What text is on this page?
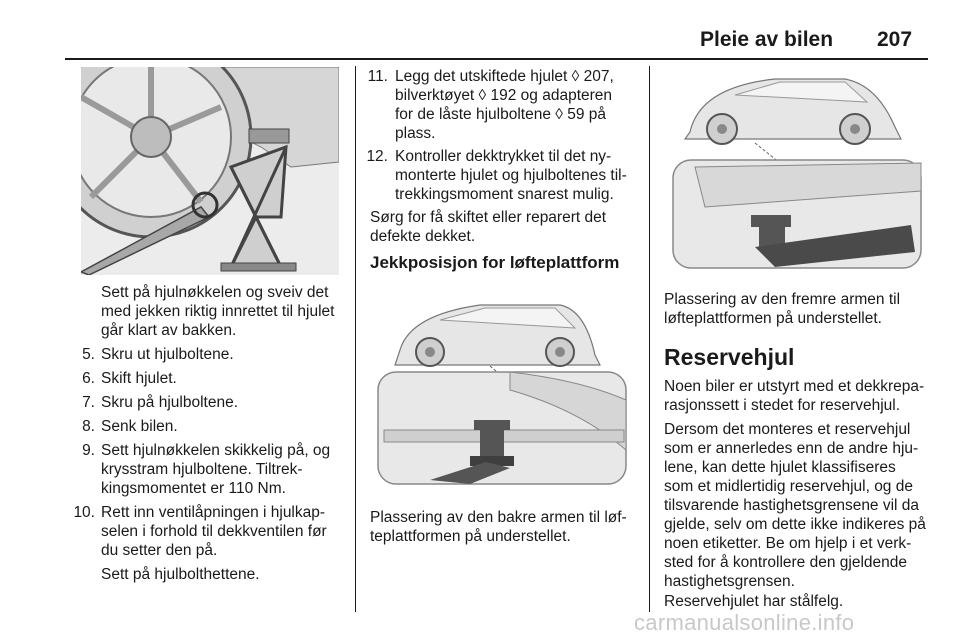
Pleie av bilen 207
Sett på hjulnøkkelen og sveiv det
med jekken riktig innrettet til hjulet
går klart av bakken.
5. Skru ut hjulboltene.
6. Skift hjulet.
7. Skru på hjulboltene.
8. Senk bilen.
9. Sett hjulnøkkelen skikkelig på, og
krysstram hjulboltene. Tiltrek-
kingsmomentet er 110 Nm.
10. Rett inn ventilåpningen i hjulkap-
selen i forhold til dekkventilen før
du setter den på.
Sett på hjulbolthettene.
11. Legg det utskiftede hjulet ◊ 207,
bilverktøyet ◊ 192 og adapteren
for de låste hjulboltene ◊ 59 på
plass.
12. Kontroller dekktrykket til det ny-
monterte hjulet og hjulboltenes til-
trekkingsmoment snarest mulig.
Sørg for få skiftet eller reparert det
defekte dekket.
Jekkposisjon for løfteplattform
Plassering av den bakre armen til løf-
teplattformen på understellet.
Plassering av den fremre armen til
løfteplattformen på understellet.
Reservehjul
Noen biler er utstyrt med et dekkrepa-
rasjonssett i stedet for reservehjul.
Dersom det monteres et reservehjul
som er annerledes enn de andre hju-
lene, kan dette hjulet klassifiseres
som et midlertidig reservehjul, og de
tilsvarende hastighetsgrensene vil da
gjelde, selv om dette ikke indikeres på
noen etiketter. Be om hjelp i et verk-
sted for å kontrollere den gjeldende
hastighetsgrensen.
Reservehjulet har stålfelg.
carmanualsonline.info
